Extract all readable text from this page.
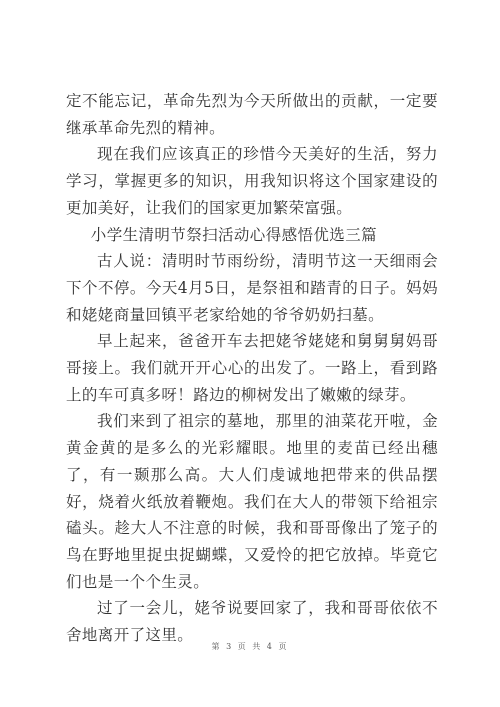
定不能忘记，革命先烈为今天所做出的贡献，一定要继承革命先烈的精神。

现在我们应该真正的珍惜今天美好的生活，努力学习，掌握更多的知识，用我知识将这个国家建设的更加美好，让我们的国家更加繁荣富强。

小学生清明节祭扫活动心得感悟优选三篇

古人说：清明时节雨纷纷，清明节这一天细雨会下个不停。今天4月5日，是祭祖和踏青的日子。妈妈和姥姥商量回镇平老家给她的爷爷奶奶扫墓。

早上起来，爸爸开车去把姥爷姥姥和舅舅舅妈哥哥接上。我们就开开心心的出发了。一路上，看到路上的车可真多呀！路边的柳树发出了嫩嫩的绿芽。

我们来到了祖宗的墓地，那里的油菜花开啦，金黄金黄的是多么的光彩耀眼。地里的麦苗已经出穗了，有一颞那么高。大人们虔诚地把带来的供品摆好，烧着火纸放着鞭炮。我们在大人的带领下给祖宗磕头。趁大人不注意的时候，我和哥哥像出了笼子的鸟在野地里捉虫捉蝴蝶，又爱怜的把它放掉。毕竟它们也是一个个生灵。

过了一会儿，姥爷说要回家了，我和哥哥依依不舍地离开了这里。

第 3 页 共 4 页
